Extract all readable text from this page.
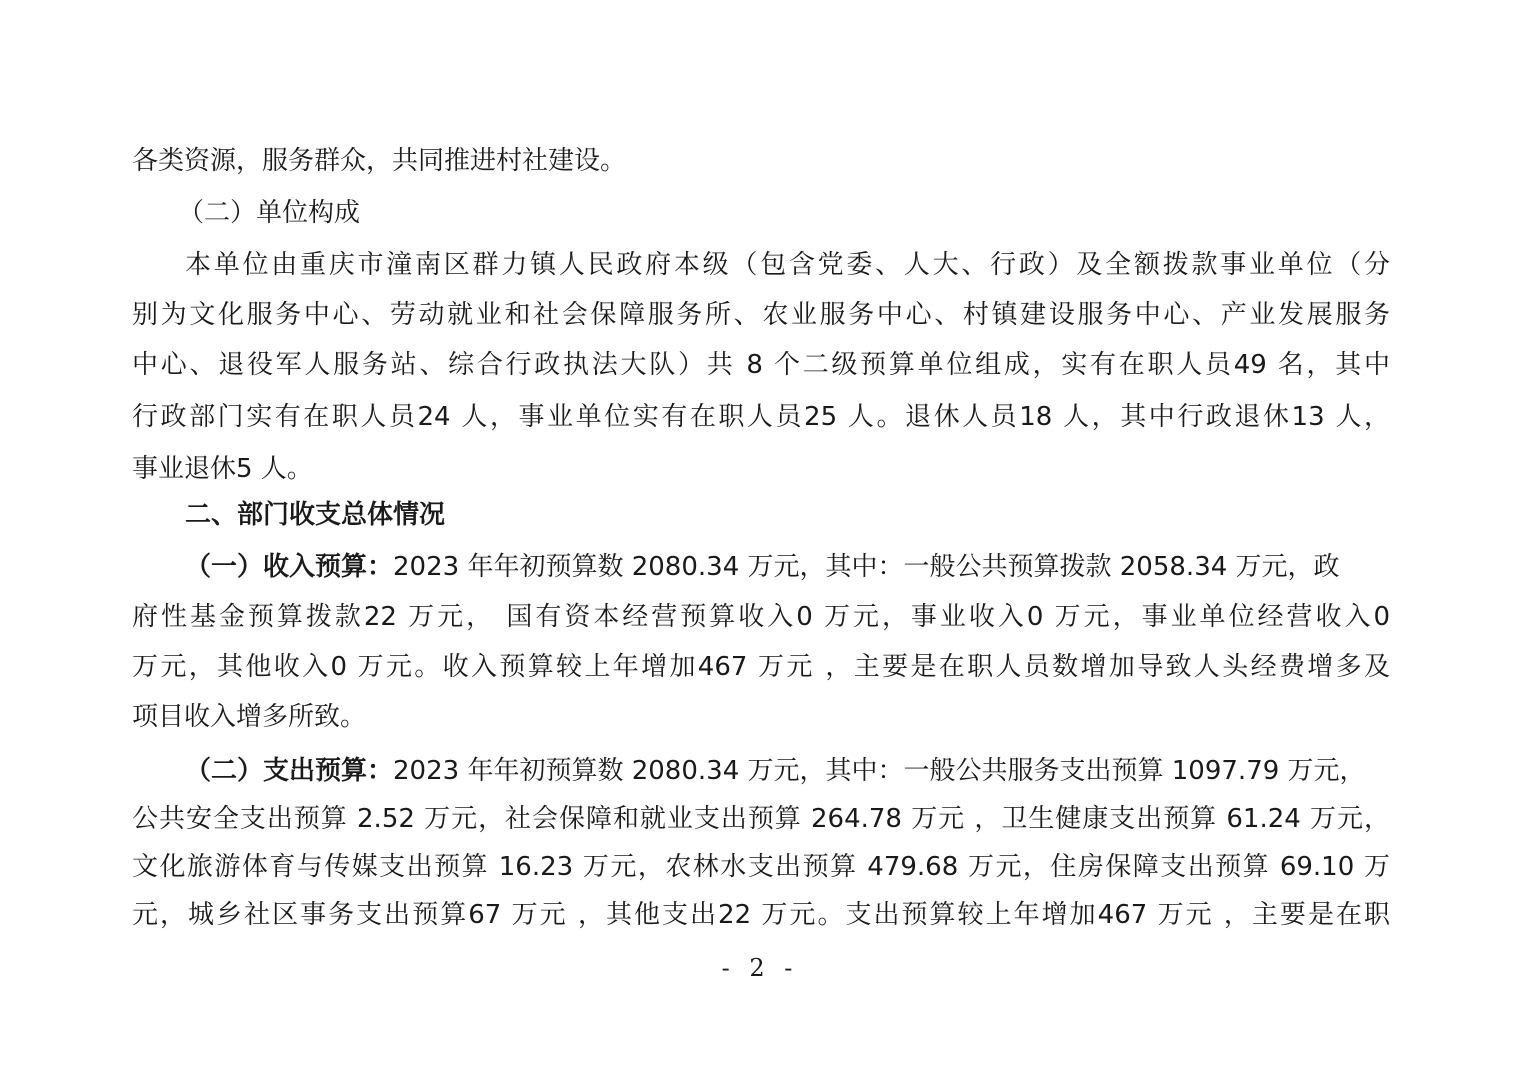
各类资源，服务群众，共同推进村社建设。
（二）单位构成
本单位由重庆市潼南区群力镇人民政府本级（包含党委、人大、行政）及全额拨款事业单位（分
别为文化服务中心、劳动就业和社会保障服务所、农业服务中心、村镇建设服务中心、产业发展服务
中心、退役军人服务站、综合行政执法大队）共 8 个二级预算单位组成，实有在职人员49 名，其中
行政部门实有在职人员24 人，事业单位实有在职人员25 人。退休人员18 人，其中行政退休13 人，
事业退休5 人。
二、部门收支总体情况
（一）收入预算：2023 年年初预算数 2080.34 万元，其中：一般公共预算拨款 2058.34 万元，政
府性基金预算拨款22 万元， 国有资本经营预算收入0 万元，事业收入0 万元，事业单位经营收入0
万元，其他收入0 万元。收入预算较上年增加467 万元 ，主要是在职人员数增加导致人头经费增多及
项目收入增多所致。
（二）支出预算：2023 年年初预算数 2080.34 万元，其中：一般公共服务支出预算 1097.79 万元，
公共安全支出预算 2.52 万元，社会保障和就业支出预算 264.78 万元 ，卫生健康支出预算 61.24 万元，
文化旅游体育与传媒支出预算 16.23 万元，农林水支出预算 479.68 万元，住房保障支出预算 69.10 万
元，城乡社区事务支出预算67 万元 ，其他支出22 万元。支出预算较上年增加467 万元 ，主要是在职
- 2 -
